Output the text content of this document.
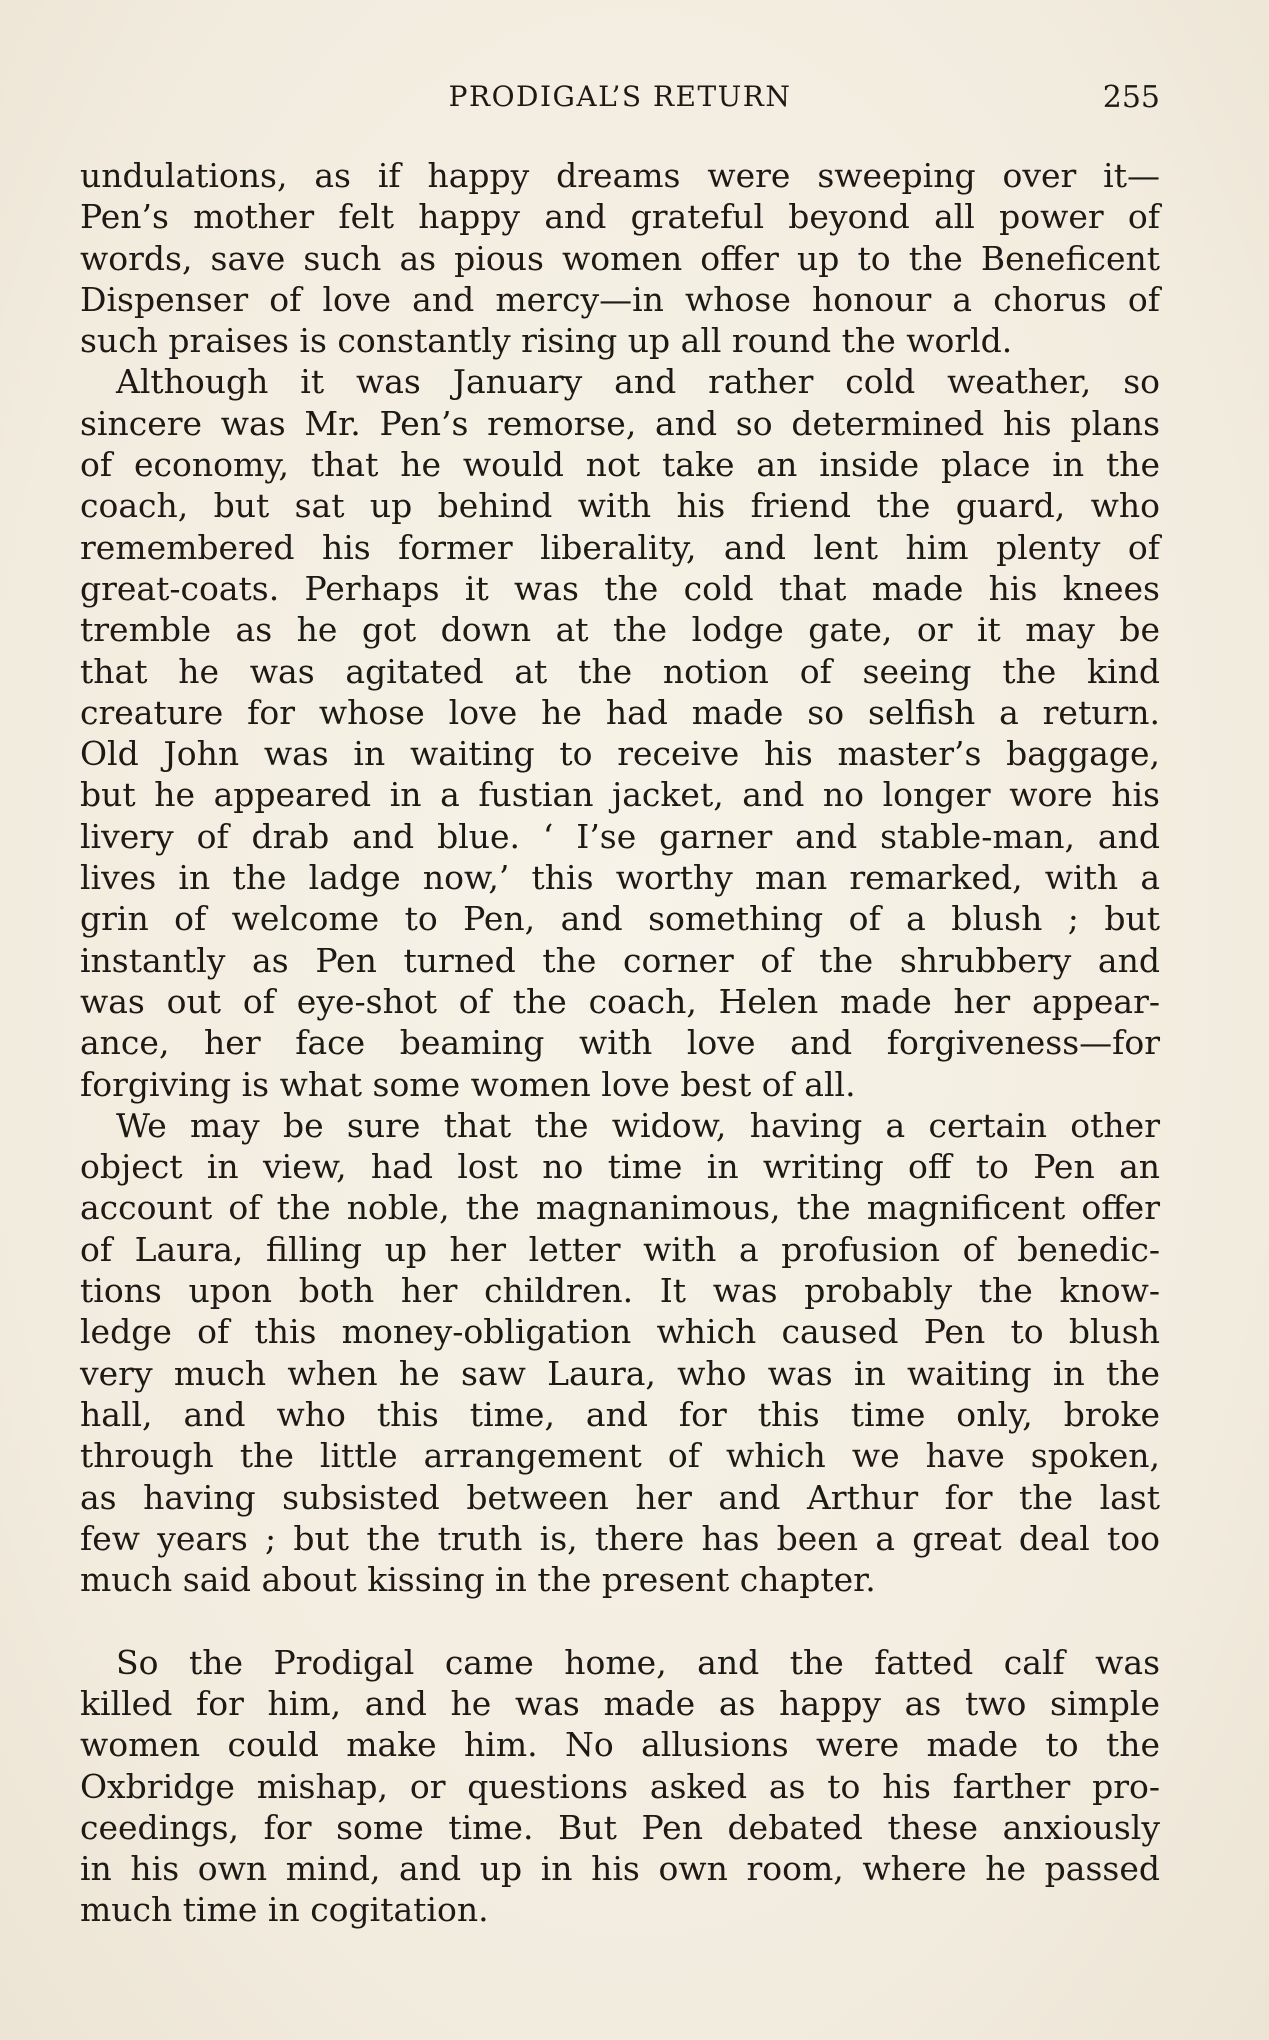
PRODIGAL’S RETURN	255
undulations, as if happy dreams were sweeping over it—
Pen’s mother felt happy and grateful beyond all power of
words, save such as pious women offer up to the Beneficent
Dispenser of love and mercy—in whose honour a chorus of
such praises is constantly rising up all round the world.
Although it was January and rather cold weather, so
sincere was Mr. Pen’s remorse, and so determined his plans
of economy, that he would not take an inside place in the
coach, but sat up behind with his friend the guard, who
remembered his former liberality, and lent him plenty of
great-coats. Perhaps it was the cold that made his knees
tremble as he got down at the lodge gate, or it may be
that he was agitated at the notion of seeing the kind
creature for whose love he had made so selfish a return.
Old John was in waiting to receive his master’s baggage,
but he appeared in a fustian jacket, and no longer wore his
livery of drab and blue. ‘ I’se garner and stable-man, and
lives in the ladge now,’ this worthy man remarked, with a
grin of welcome to Pen, and something of a blush ; but
instantly as Pen turned the corner of the shrubbery and
was out of eye-shot of the coach, Helen made her appear-
ance, her face beaming with love and forgiveness—for
forgiving is what some women love best of all.
We may be sure that the widow, having a certain other
object in view, had lost no time in writing off to Pen an
account of the noble, the magnanimous, the magnificent offer
of Laura, filling up her letter with a profusion of benedic-
tions upon both her children. It was probably the know-
ledge of this money-obligation which caused Pen to blush
very much when he saw Laura, who was in waiting in the
hall, and who this time, and for this time only, broke
through the little arrangement of which we have spoken,
as having subsisted between her and Arthur for the last
few years ; but the truth is, there has been a great deal too
much said about kissing in the present chapter.
So the Prodigal came home, and the fatted calf was
killed for him, and he was made as happy as two simple
women could make him. No allusions were made to the
Oxbridge mishap, or questions asked as to his farther pro-
ceedings, for some time. But Pen debated these anxiously
in his own mind, and up in his own room, where he passed
much time in cogitation.
